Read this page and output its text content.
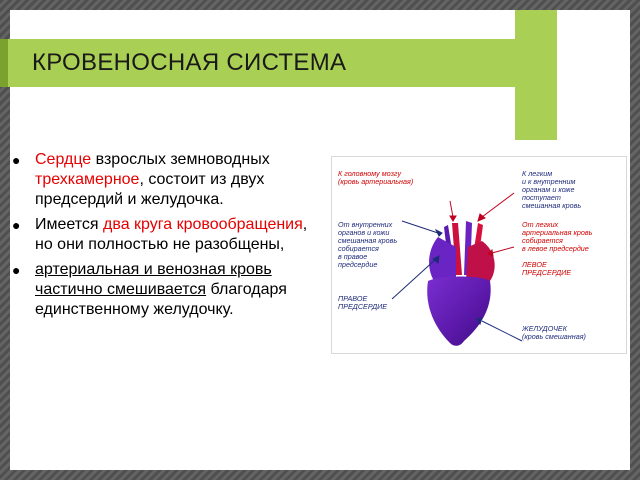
КРОВЕНОСНАЯ СИСТЕМА
● Сердце взрослых земноводных трехкамерное, состоит из двух предсердий и желудочка.
● Имеется два круга кровообращения, но они полностью не разобщены,
● артериальная и венозная кровь частично смешивается благодаря единственному желудочку.
К головному мозгу
(кровь артериальная)
К легким
и к внутренним
органам и коже
поступает
смешанная кровь
От внутренних
органов и кожи
смешанная кровь
собирается
в правое
предсердие
От легких
артериальная кровь
собирается
в левое предсердие
ЛЕВОЕ
ПРЕДСЕРДИЕ
ПРАВОЕ
ПРЕДСЕРДИЕ
ЖЕЛУДОЧЕК
(кровь смешанная)
